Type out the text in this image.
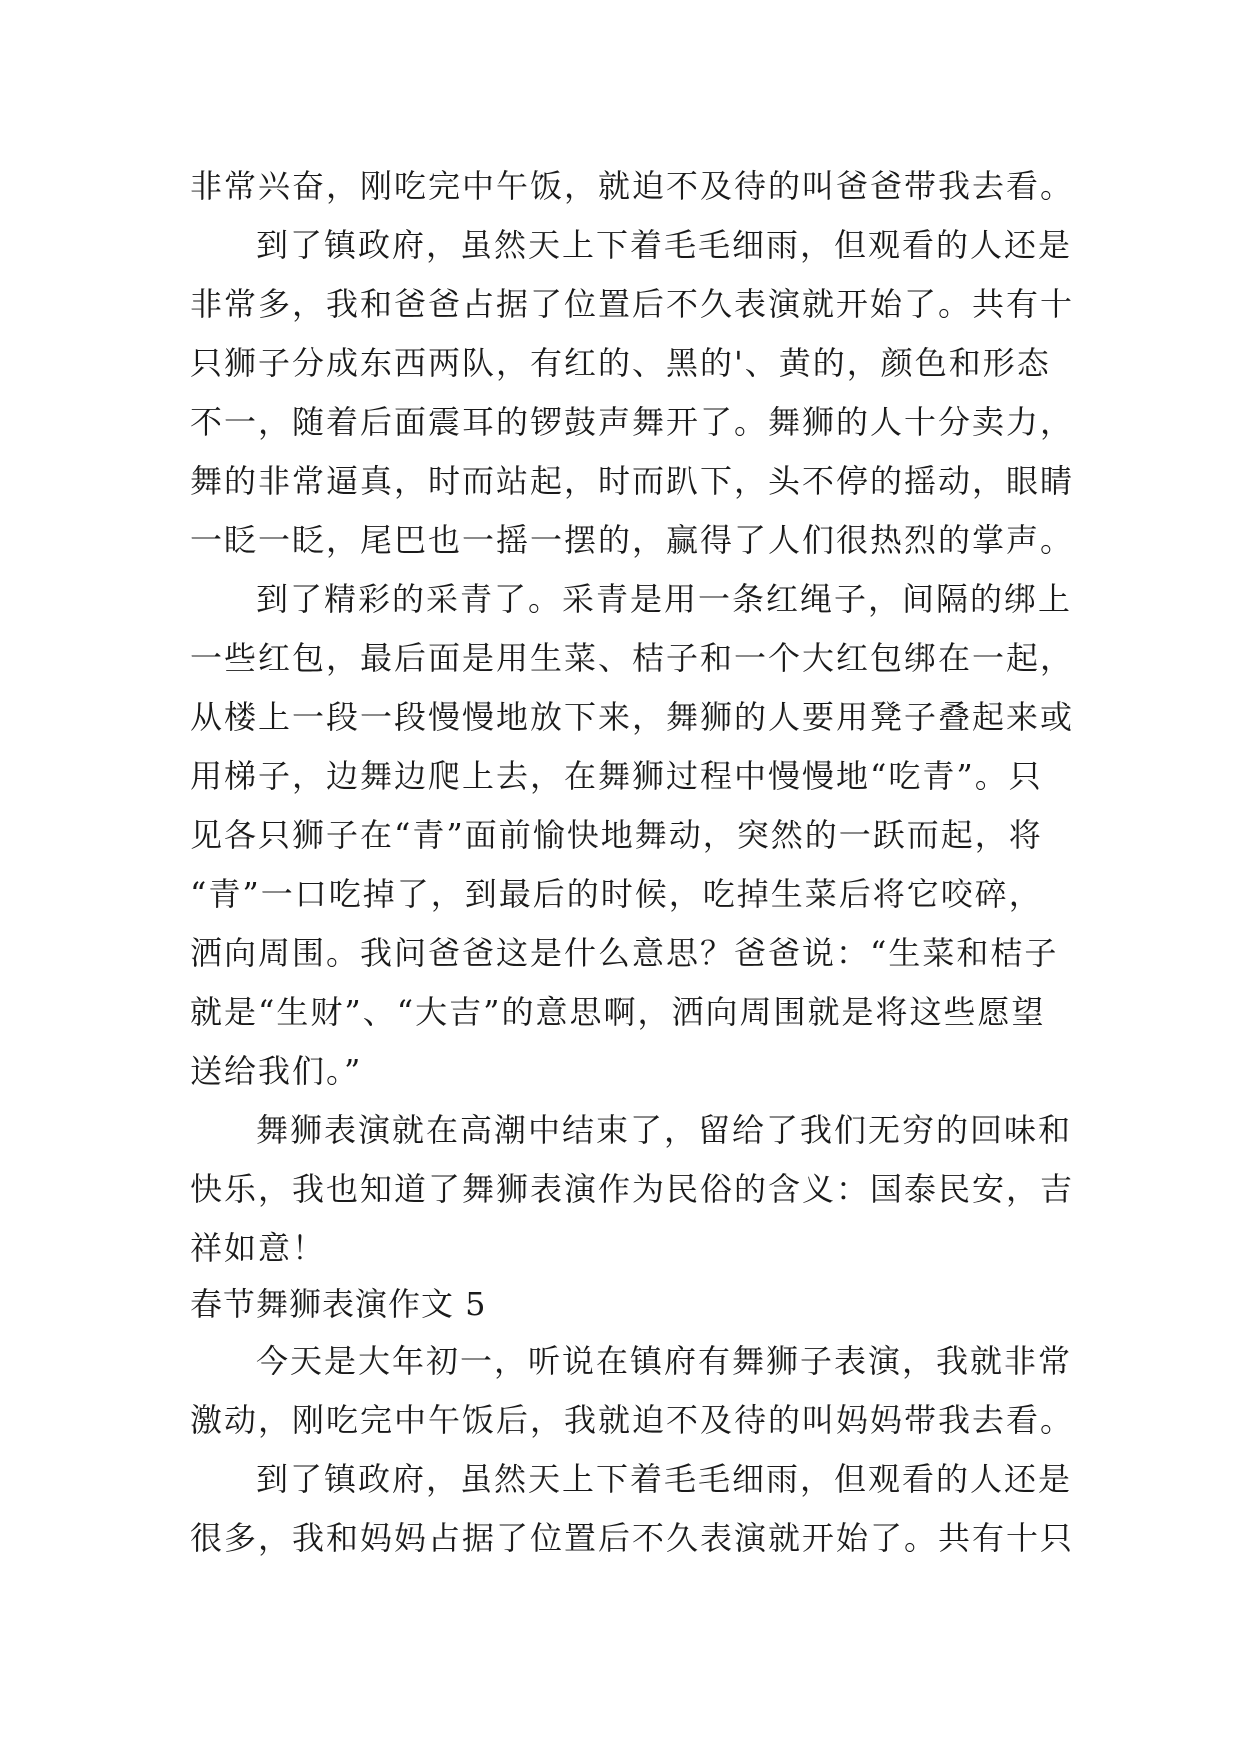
非常兴奋，刚吃完中午饭，就迫不及待的叫爸爸带我去看。
到了镇政府，虽然天上下着毛毛细雨，但观看的人还是
非常多，我和爸爸占据了位置后不久表演就开始了。共有十
只狮子分成东西两队，有红的、黑的'、黄的，颜色和形态
不一，随着后面震耳的锣鼓声舞开了。舞狮的人十分卖力，
舞的非常逼真，时而站起，时而趴下，头不停的摇动，眼睛
一眨一眨，尾巴也一摇一摆的，赢得了人们很热烈的掌声。
到了精彩的采青了。采青是用一条红绳子，间隔的绑上
一些红包，最后面是用生菜、桔子和一个大红包绑在一起，
从楼上一段一段慢慢地放下来，舞狮的人要用凳子叠起来或
用梯子，边舞边爬上去，在舞狮过程中慢慢地“吃青”。只
见各只狮子在“青”面前愉快地舞动，突然的一跃而起，将
“青”一口吃掉了，到最后的时候，吃掉生菜后将它咬碎，
洒向周围。我问爸爸这是什么意思？爸爸说：“生菜和桔子
就是“生财”、“大吉”的意思啊，洒向周围就是将这些愿望
送给我们。”
舞狮表演就在高潮中结束了，留给了我们无穷的回味和
快乐，我也知道了舞狮表演作为民俗的含义：国泰民安，吉
祥如意！
春节舞狮表演作文 5
今天是大年初一，听说在镇府有舞狮子表演，我就非常
激动，刚吃完中午饭后，我就迫不及待的叫妈妈带我去看。
到了镇政府，虽然天上下着毛毛细雨，但观看的人还是
很多，我和妈妈占据了位置后不久表演就开始了。共有十只
